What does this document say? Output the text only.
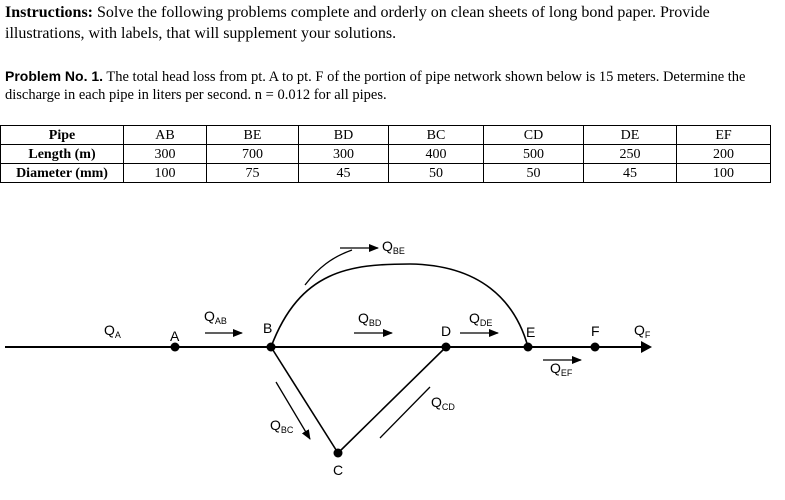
Instructions: Solve the following problems complete and orderly on clean sheets of long bond paper. Provide illustrations, with labels, that will supplement your solutions.
Problem No. 1. The total head loss from pt. A to pt. F of the portion of pipe network shown below is 15 meters. Determine the discharge in each pipe in liters per second. n = 0.012 for all pipes.
Pipe	AB	BE	BD	BC	CD	DE	EF
Length (m)	300	700	300	400	500	250	200
Diameter (mm)	100	75	45	50	50	45	100
A	B
C
D	E	F
$Q_A$
$Q_{AB}$
$Q_{BE}$
$Q_{BD}$	$Q_{DE}$	$Q_F$
$Q_{EF}$
$Q_{CD}$
$Q_{BC}$
